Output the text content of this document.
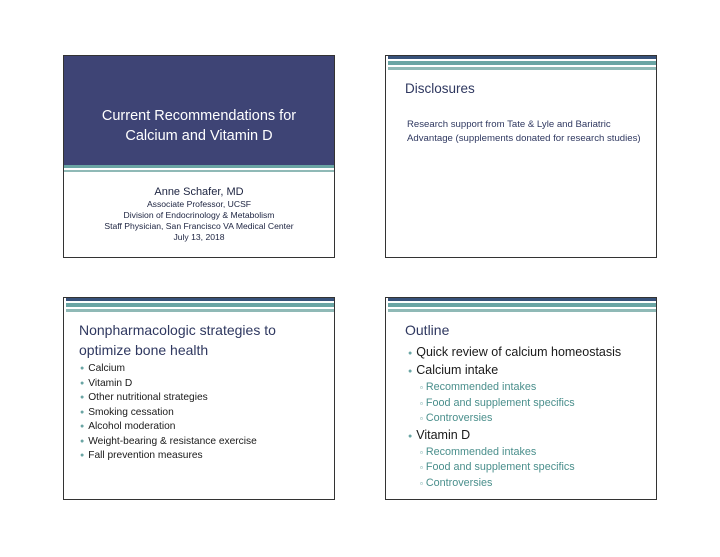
Current Recommendations for
Calcium and Vitamin D
Anne Schafer, MD
Associate Professor, UCSF
Division of Endocrinology & Metabolism
Staff Physician, San Francisco VA Medical Center
July 13, 2018
Disclosures
Research support from Tate & Lyle and Bariatric Advantage (supplements donated for research studies)
Nonpharmacologic strategies to optimize bone health
● Calcium
● Vitamin D
● Other nutritional strategies
● Smoking cessation
● Alcohol moderation
● Weight-bearing & resistance exercise
● Fall prevention measures
Outline
● Quick review of calcium homeostasis
● Calcium intake
▫ Recommended intakes
▫ Food and supplement specifics
▫ Controversies
● Vitamin D
▫ Recommended intakes
▫ Food and supplement specifics
▫ Controversies
